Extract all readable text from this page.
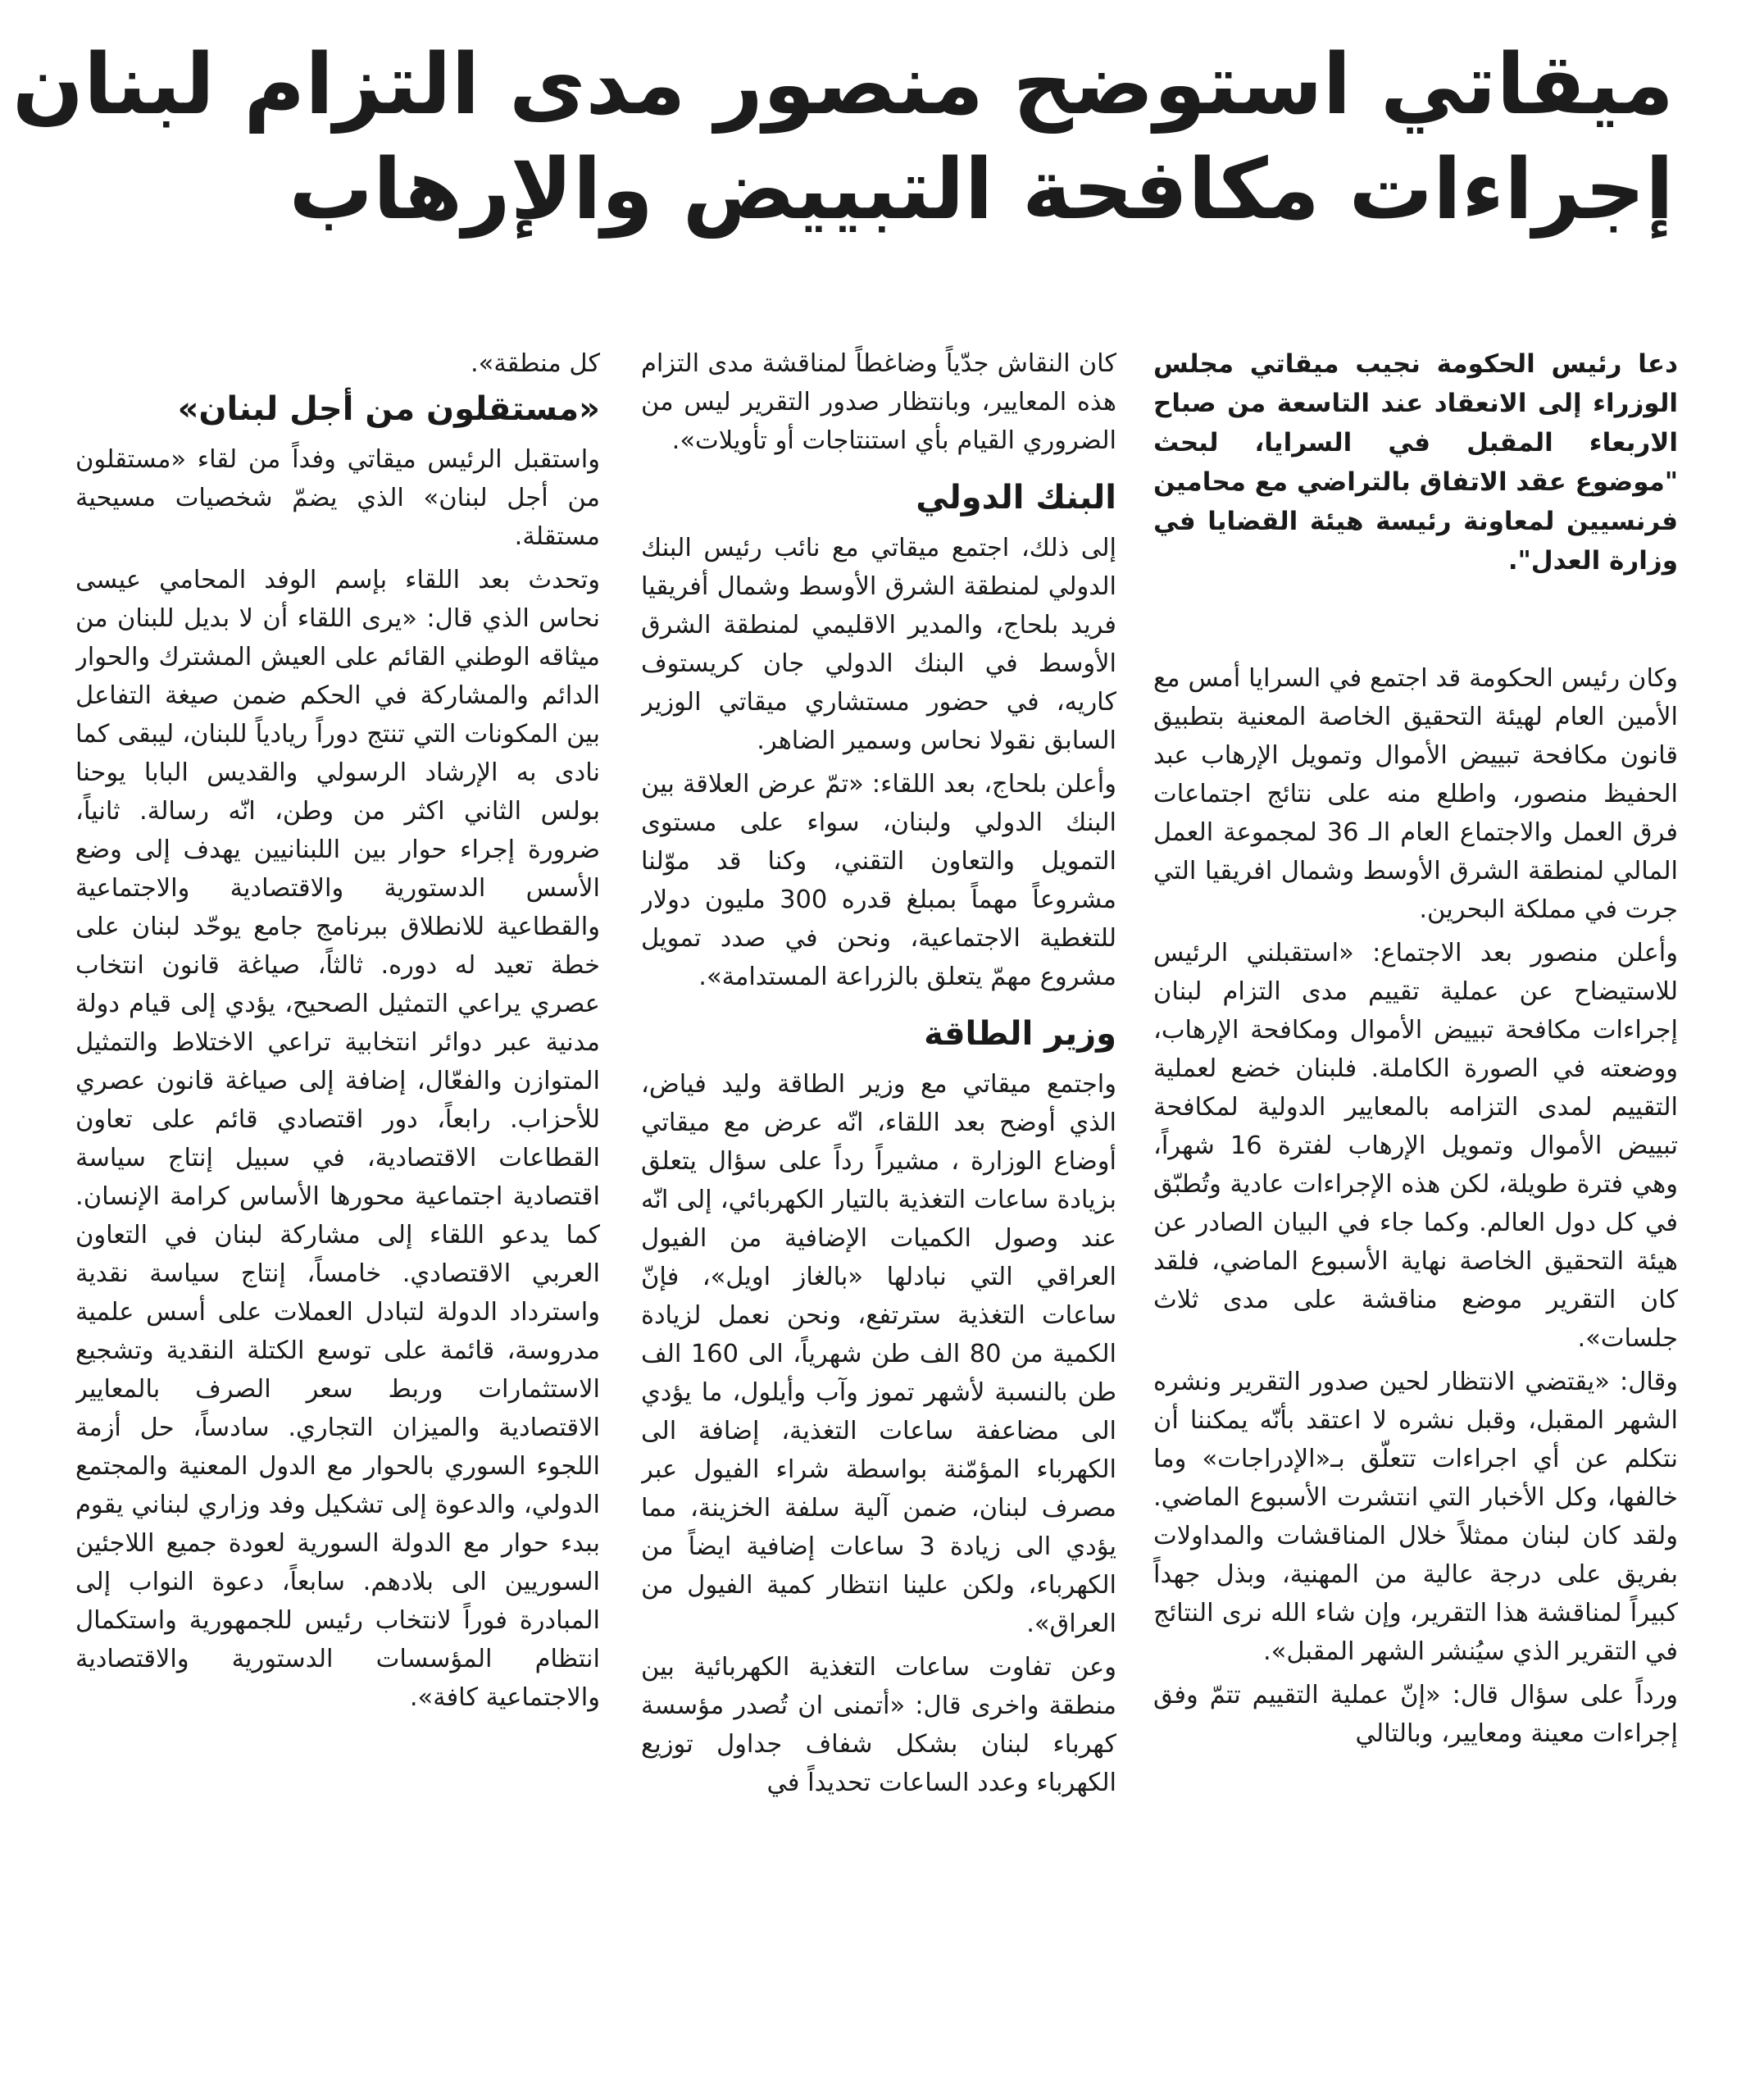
ميقاتي استوضح منصور مدى التزام لبنان
إجراءات مكافحة التبييض والإرهاب

دعا رئيس الحكومة نجيب ميقاتي مجلس الوزراء إلى الانعقاد عند التاسعة من صباح الاربعاء المقبل في السرايا، لبحث "موضوع عقد الاتفاق بالتراضي مع محامين فرنسيين لمعاونة رئيسة هيئة القضايا في وزارة العدل".

وكان رئيس الحكومة قد اجتمع في السرايا أمس مع الأمين العام لهيئة التحقيق الخاصة المعنية بتطبيق قانون مكافحة تبييض الأموال وتمويل الإرهاب عبد الحفيظ منصور، واطلع منه على نتائج اجتماعات فرق العمل والاجتماع العام الـ 36 لمجموعة العمل المالي لمنطقة الشرق الأوسط وشمال افريقيا التي جرت في مملكة البحرين.

وأعلن منصور بعد الاجتماع: «استقبلني الرئيس للاستيضاح عن عملية تقييم مدى التزام لبنان إجراءات مكافحة تبييض الأموال ومكافحة الإرهاب، ووضعته في الصورة الكاملة. فلبنان خضع لعملية التقييم لمدى التزامه بالمعايير الدولية لمكافحة تبييض الأموال وتمويل الإرهاب لفترة 16 شهراً، وهي فترة طويلة، لكن هذه الإجراءات عادية وتُطبّق في كل دول العالم. وكما جاء في البيان الصادر عن هيئة التحقيق الخاصة نهاية الأسبوع الماضي، فلقد كان التقرير موضع مناقشة على مدى ثلاث جلسات».

وقال: «يقتضي الانتظار لحين صدور التقرير ونشره الشهر المقبل، وقبل نشره لا اعتقد بأنّه يمكننا أن نتكلم عن أي اجراءات تتعلّق بـ«الإدراجات» وما خالفها، وكل الأخبار التي انتشرت الأسبوع الماضي. ولقد كان لبنان ممثلاً خلال المناقشات والمداولات بفريق على درجة عالية من المهنية، وبذل جهداً كبيراً لمناقشة هذا التقرير، وإن شاء الله نرى النتائج في التقرير الذي سيُنشر الشهر المقبل».

ورداً على سؤال قال: «إنّ عملية التقييم تتمّ وفق إجراءات معينة ومعايير، وبالتالي

كان النقاش جدّياً وضاغطاً لمناقشة مدى التزام هذه المعايير، وبانتظار صدور التقرير ليس من الضروري القيام بأي استنتاجات أو تأويلات».

البنك الدولي

إلى ذلك، اجتمع ميقاتي مع نائب رئيس البنك الدولي لمنطقة الشرق الأوسط وشمال أفريقيا فريد بلحاج، والمدير الاقليمي لمنطقة الشرق الأوسط في البنك الدولي جان كريستوف كاريه، في حضور مستشاري ميقاتي الوزير السابق نقولا نحاس وسمير الضاهر.

وأعلن بلحاج، بعد اللقاء: «تمّ عرض العلاقة بين البنك الدولي ولبنان، سواء على مستوى التمويل والتعاون التقني، وكنا قد موّلنا مشروعاً مهماً بمبلغ قدره 300 مليون دولار للتغطية الاجتماعية، ونحن في صدد تمويل مشروع مهمّ يتعلق بالزراعة المستدامة».

وزير الطاقة

واجتمع ميقاتي مع وزير الطاقة وليد فياض، الذي أوضح بعد اللقاء، انّه عرض مع ميقاتي أوضاع الوزارة ، مشيراً رداً على سؤال يتعلق بزيادة ساعات التغذية بالتيار الكهربائي، إلى انّه عند وصول الكميات الإضافية من الفيول العراقي التي نبادلها «بالغاز اويل»، فإنّ ساعات التغذية سترتفع، ونحن نعمل لزيادة الكمية من 80 الف طن شهرياً، الى 160 الف طن بالنسبة لأشهر تموز وآب وأيلول، ما يؤدي الى مضاعفة ساعات التغذية، إضافة الى الكهرباء المؤمّنة بواسطة شراء الفيول عبر مصرف لبنان، ضمن آلية سلفة الخزينة، مما يؤدي الى زيادة 3 ساعات إضافية ايضاً من الكهرباء، ولكن علينا انتظار كمية الفيول من العراق».

وعن تفاوت ساعات التغذية الكهربائية بين منطقة واخرى قال: «أتمنى ان تُصدر مؤسسة كهرباء لبنان بشكل شفاف جداول توزيع الكهرباء وعدد الساعات تحديداً في

كل منطقة».

«مستقلون من أجل لبنان»

واستقبل الرئيس ميقاتي وفداً من لقاء «مستقلون من أجل لبنان» الذي يضمّ شخصيات مسيحية مستقلة.

وتحدث بعد اللقاء بإسم الوفد المحامي عيسى نحاس الذي قال: «يرى اللقاء أن لا بديل للبنان من ميثاقه الوطني القائم على العيش المشترك والحوار الدائم والمشاركة في الحكم ضمن صيغة التفاعل بين المكونات التي تنتج دوراً ريادياً للبنان، ليبقى كما نادى به الإرشاد الرسولي والقديس البابا يوحنا بولس الثاني اكثر من وطن، انّه رسالة. ثانياً، ضرورة إجراء حوار بين اللبنانيين يهدف إلى وضع الأسس الدستورية والاقتصادية والاجتماعية والقطاعية للانطلاق ببرنامج جامع يوحّد لبنان على خطة تعيد له دوره. ثالثاً، صياغة قانون انتخاب عصري يراعي التمثيل الصحيح، يؤدي إلى قيام دولة مدنية عبر دوائر انتخابية تراعي الاختلاط والتمثيل المتوازن والفعّال، إضافة إلى صياغة قانون عصري للأحزاب. رابعاً، دور اقتصادي قائم على تعاون القطاعات الاقتصادية، في سبيل إنتاج سياسة اقتصادية اجتماعية محورها الأساس كرامة الإنسان. كما يدعو اللقاء إلى مشاركة لبنان في التعاون العربي الاقتصادي. خامساً، إنتاج سياسة نقدية واسترداد الدولة لتبادل العملات على أسس علمية مدروسة، قائمة على توسع الكتلة النقدية وتشجيع الاستثمارات وربط سعر الصرف بالمعايير الاقتصادية والميزان التجاري. سادساً، حل أزمة اللجوء السوري بالحوار مع الدول المعنية والمجتمع الدولي، والدعوة إلى تشكيل وفد وزاري لبناني يقوم ببدء حوار مع الدولة السورية لعودة جميع اللاجئين السوريين الى بلادهم. سابعاً، دعوة النواب إلى المبادرة فوراً لانتخاب رئيس للجمهورية واستكمال انتظام المؤسسات الدستورية والاقتصادية والاجتماعية كافة».
